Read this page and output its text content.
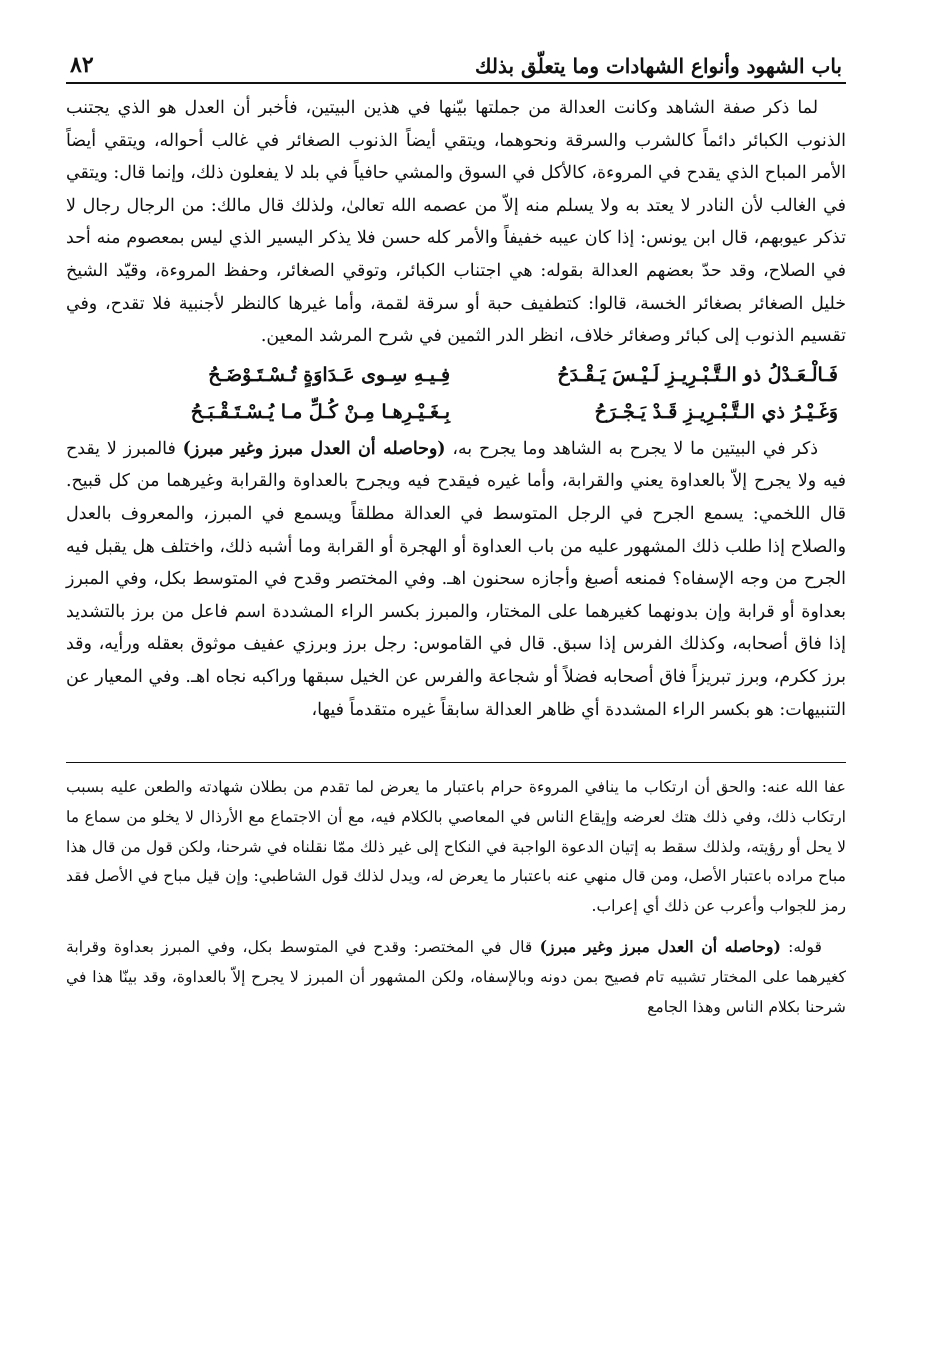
باب الشهود وأنواع الشهادات وما يتعلّق بذلك
٨٢

لما ذكر صفة الشاهد وكانت العدالة من جملتها بيّنها في هذين البيتين، فأخبر أن العدل هو الذي يجتنب الذنوب الكبائر دائماً كالشرب والسرقة ونحوهما، ويتقي أيضاً الذنوب الصغائر في غالب أحواله، ويتقي أيضاً الأمر المباح الذي يقدح في المروءة، كالأكل في السوق والمشي حافياً في بلد لا يفعلون ذلك، وإنما قال: ويتقي في الغالب لأن النادر لا يعتد به ولا يسلم منه إلاّ من عصمه الله تعالىٰ، ولذلك قال مالك: من الرجال رجال لا تذكر عيوبهم، قال ابن يونس: إذا كان عيبه خفيفاً والأمر كله حسن فلا يذكر اليسير الذي ليس بمعصوم منه أحد في الصلاح، وقد حدّ بعضهم العدالة بقوله: هي اجتناب الكبائر، وتوقي الصغائر، وحفظ المروءة، وقيّد الشيخ خليل الصغائر بصغائر الخسة، قالوا: كتطفيف حبة أو سرقة لقمة، وأما غيرها كالنظر لأجنبية فلا تقدح، وفي تقسيم الذنوب إلى كبائر وصغائر خلاف، انظر الدر الثمين في شرح المرشد المعين.

فَـالْـعَـدْلُ ذو الـتَّـبْـرِيـزِ لَـيْـسَ يَـقْـدَحُ
فِـيـهِ سِـوى عَـدَاوَةٍ تُـسْـتَـوْضَـحُ
وَغَـيْـرُ ذي الـتَّـبْـرِيـزِ قَـدْ يَـجْـرَحُ
بِـغَـيْـرِهـا مِـنْ كُـلِّ مـا يُـسْـتَـقْـبَـحُ

ذكر في البيتين ما لا يجرح به الشاهد وما يجرح به، (وحاصله أن العدل مبرز وغير مبرز) فالمبرز لا يقدح فيه ولا يجرح إلاّ بالعداوة يعني والقرابة، وأما غيره فيقدح فيه ويجرح بالعداوة والقرابة وغيرهما من كل قبيح. قال اللخمي: يسمع الجرح في الرجل المتوسط في العدالة مطلقاً ويسمع في المبرز، والمعروف بالعدل والصلاح إذا طلب ذلك المشهور عليه من باب العداوة أو الهجرة أو القرابة وما أشبه ذلك، واختلف هل يقبل فيه الجرح من وجه الإسفاه؟ فمنعه أصبغ وأجازه سحنون اهـ. وفي المختصر وقدح في المتوسط بكل، وفي المبرز بعداوة أو قرابة وإن بدونهما كغيرهما على المختار، والمبرز بكسر الراء المشددة اسم فاعل من برز بالتشديد إذا فاق أصحابه، وكذلك الفرس إذا سبق. قال في القاموس: رجل برز وبرزي عفيف موثوق بعقله ورأيه، وقد برز ككرم، وبرز تبريزاً فاق أصحابه فضلاً أو شجاعة والفرس عن الخيل سبقها وراكبه نجاه اهـ. وفي المعيار عن التنبيهات: هو بكسر الراء المشددة أي ظاهر العدالة سابقاً غيره متقدماً فيها،

عفا الله عنه: والحق أن ارتكاب ما ينافي المروءة حرام باعتبار ما يعرض لما تقدم من بطلان شهادته والطعن عليه بسبب ارتكاب ذلك، وفي ذلك هتك لعرضه وإيقاع الناس في المعاصي بالكلام فيه، مع أن الاجتماع مع الأرذال لا يخلو من سماع ما لا يحل أو رؤيته، ولذلك سقط به إتيان الدعوة الواجبة في النكاح إلى غير ذلك ممّا نقلناه في شرحنا، ولكن قول من قال هذا مباح مراده باعتبار الأصل، ومن قال منهي عنه باعتبار ما يعرض له، ويدل لذلك قول الشاطبي: وإن قيل مباح في الأصل فقد رمز للجواب وأعرب عن ذلك أي إعراب.

قوله: (وحاصله أن العدل مبرز وغير مبرز) قال في المختصر: وقدح في المتوسط بكل، وفي المبرز بعداوة وقرابة كغيرهما على المختار تشبيه تام فصيح بمن دونه وبالإسفاه، ولكن المشهور أن المبرز لا يجرح إلاّ بالعداوة، وقد بينّا هذا في شرحنا بكلام الناس وهذا الجامع
